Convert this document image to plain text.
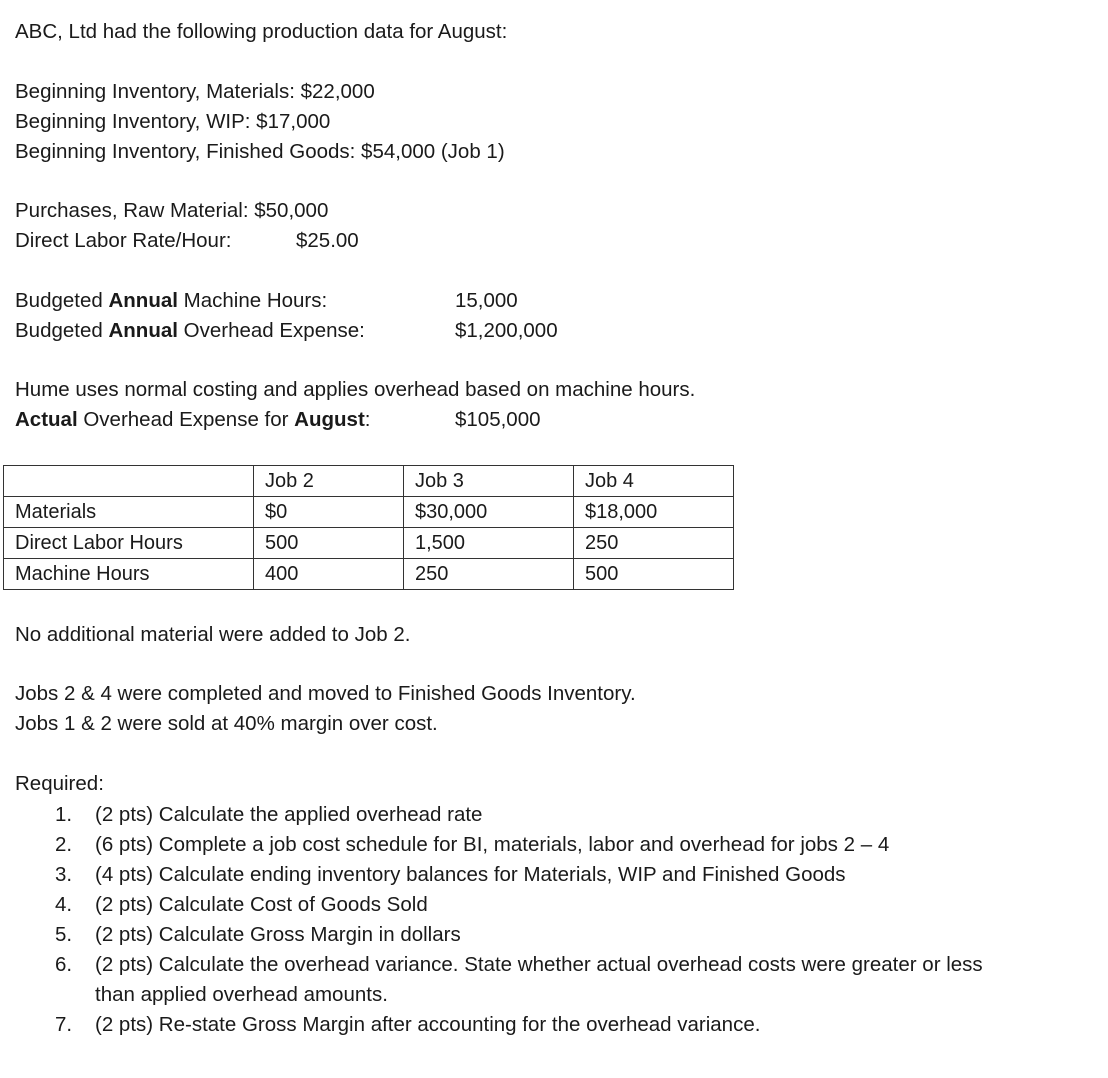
ABC, Ltd had the following production data for August:
Beginning Inventory, Materials: $22,000
Beginning Inventory, WIP: $17,000
Beginning Inventory, Finished Goods: $54,000 (Job 1)
Purchases, Raw Material: $50,000
Direct Labor Rate/Hour:	$25.00
Budgeted Annual Machine Hours:	15,000
Budgeted Annual Overhead Expense:	$1,200,000
Hume uses normal costing and applies overhead based on machine hours.
Actual Overhead Expense for August:	$105,000
	Job 2	Job 3	Job 4
Materials	$0	$30,000	$18,000
Direct Labor Hours	500	1,500	250
Machine Hours	400	250	500
No additional material were added to Job 2.
Jobs 2 & 4 were completed and moved to Finished Goods Inventory.
Jobs 1 & 2 were sold at 40% margin over cost.
Required:
1. (2 pts) Calculate the applied overhead rate
2. (6 pts) Complete a job cost schedule for BI, materials, labor and overhead for jobs 2 – 4
3. (4 pts) Calculate ending inventory balances for Materials, WIP and Finished Goods
4. (2 pts) Calculate Cost of Goods Sold
5. (2 pts) Calculate Gross Margin in dollars
6. (2 pts) Calculate the overhead variance. State whether actual overhead costs were greater or less than applied overhead amounts.
7. (2 pts) Re-state Gross Margin after accounting for the overhead variance.
